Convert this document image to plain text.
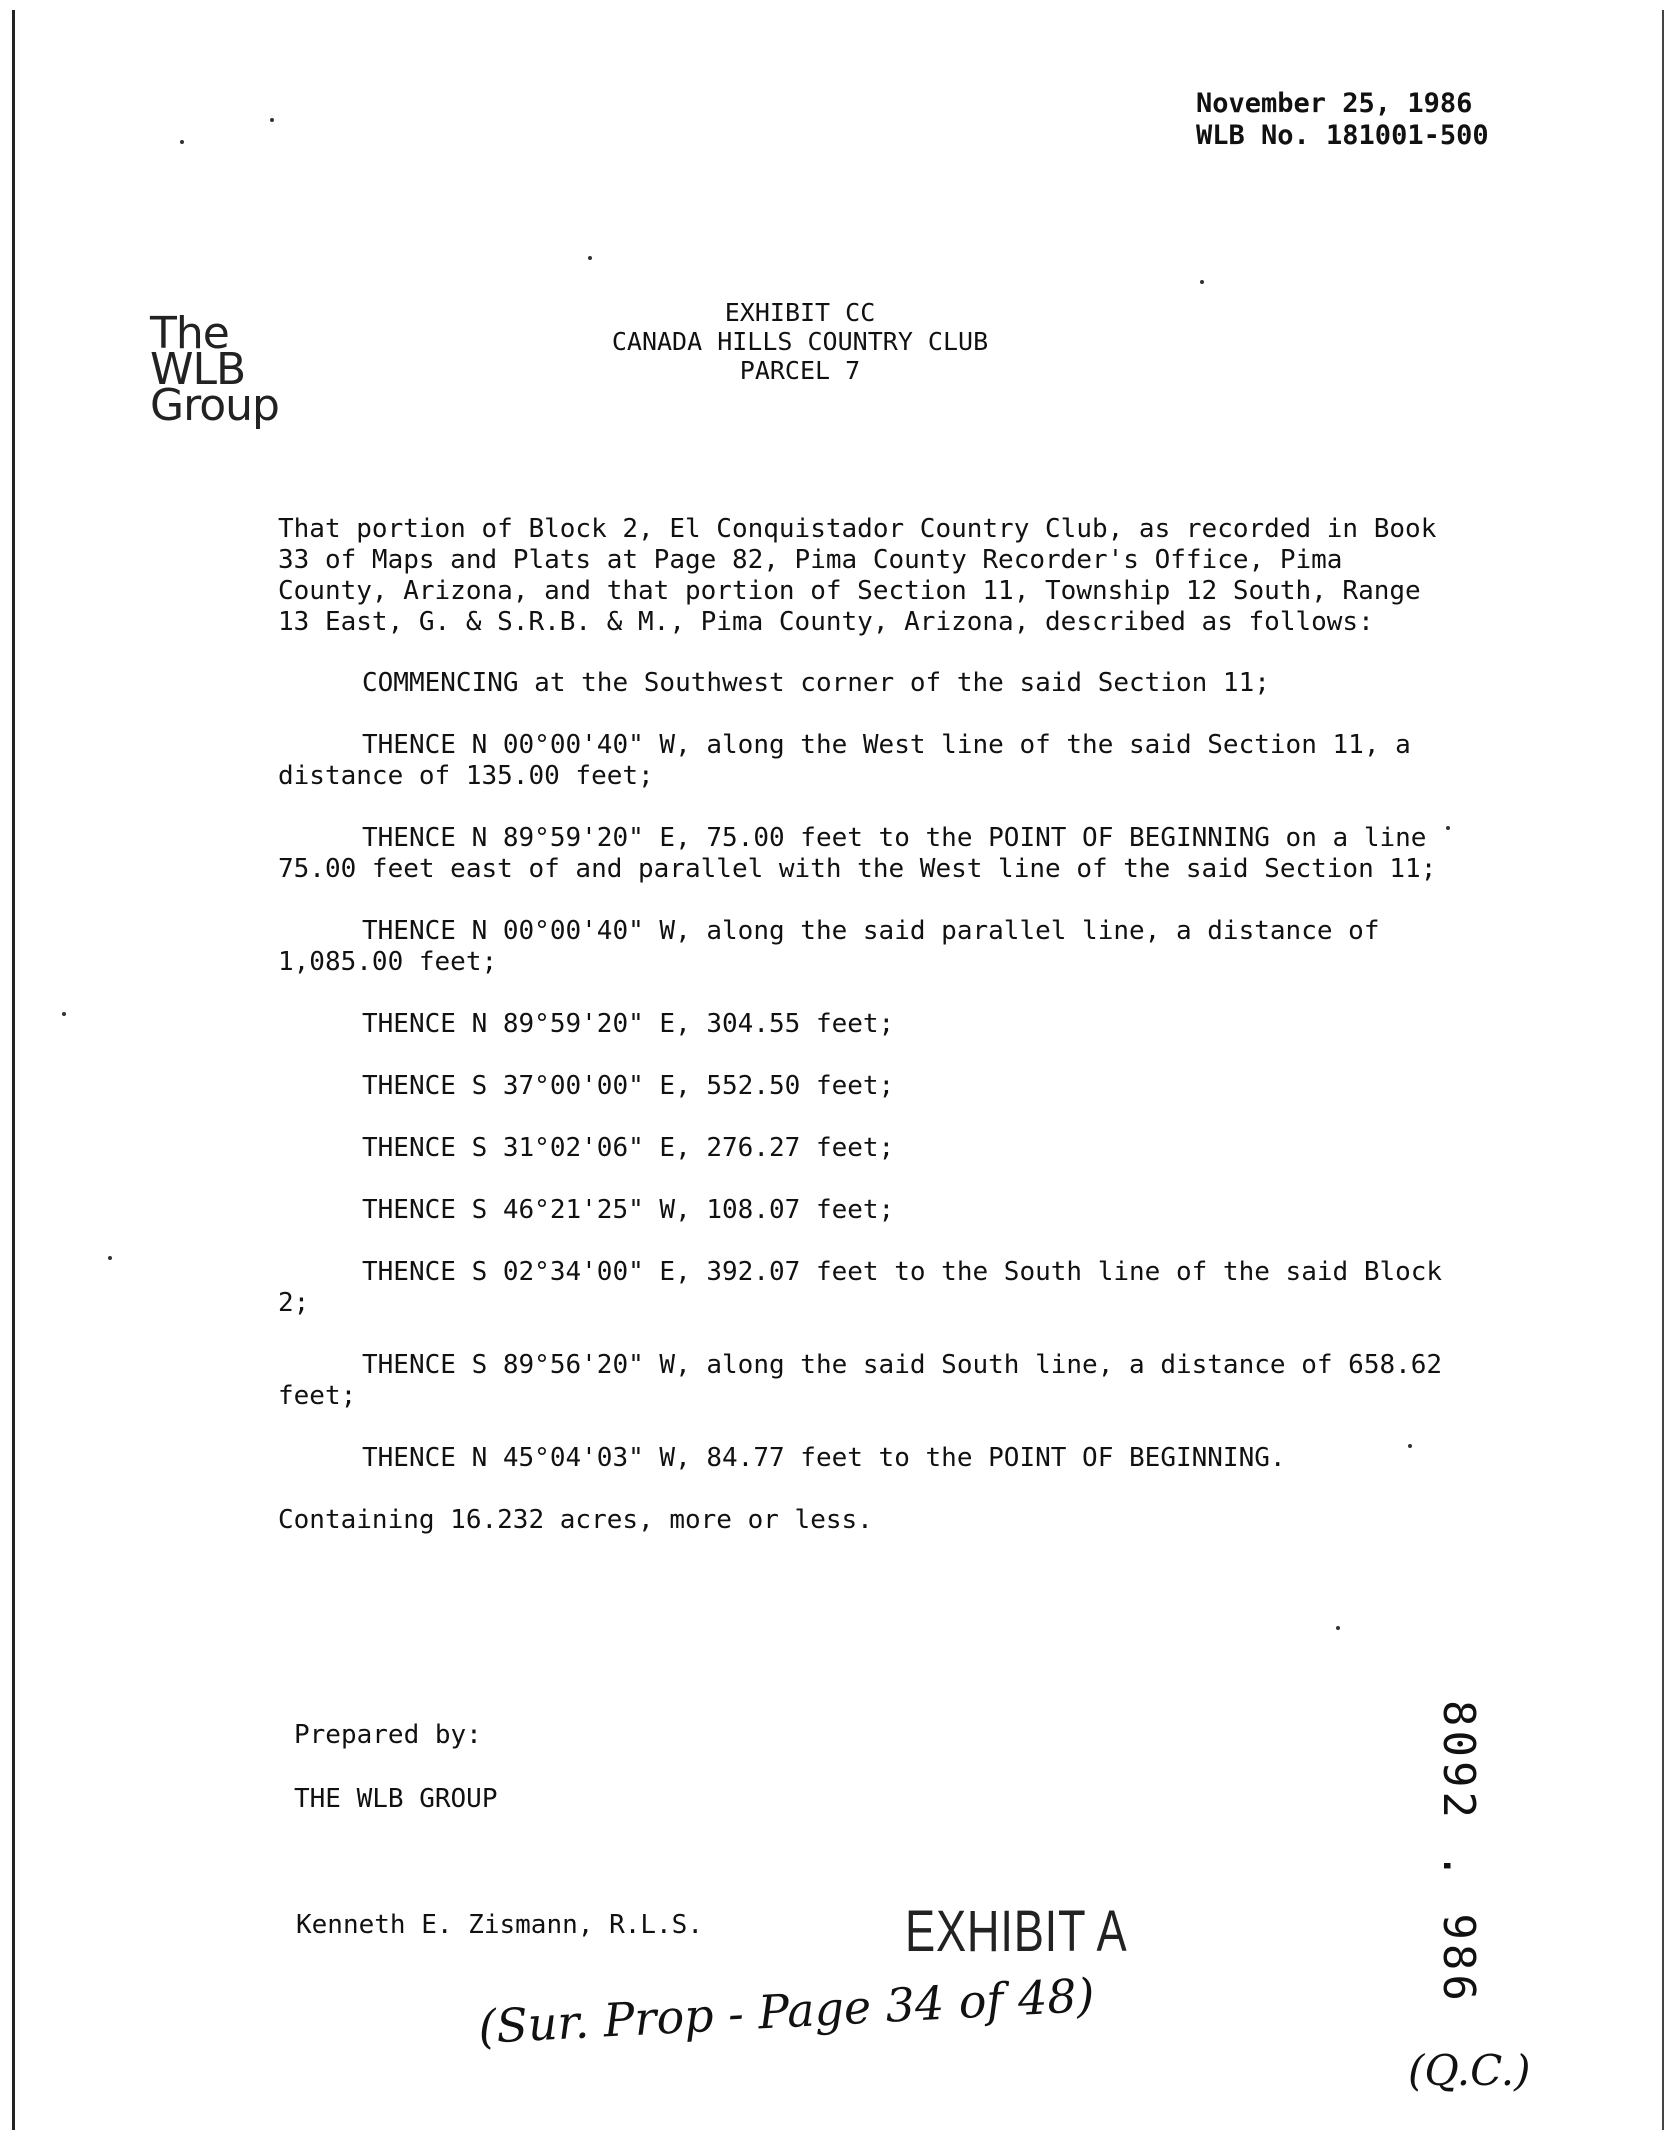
November 25, 1986
WLB No. 181001-500
The
WLB
Group
EXHIBIT CC
CANADA HILLS COUNTRY CLUB
PARCEL 7

That portion of Block 2, El Conquistador Country Club, as recorded in Book 33 of Maps and Plats at Page 82, Pima County Recorder's Office, Pima County, Arizona, and that portion of Section 11, Township 12 South, Range 13 East, G. & S.R.B. & M., Pima County, Arizona, described as follows:

COMMENCING at the Southwest corner of the said Section 11;

THENCE N 00°00'40" W, along the West line of the said Section 11, a distance of 135.00 feet;

THENCE N 89°59'20" E, 75.00 feet to the POINT OF BEGINNING on a line 75.00 feet east of and parallel with the West line of the said Section 11;

THENCE N 00°00'40" W, along the said parallel line, a distance of 1,085.00 feet;

THENCE N 89°59'20" E, 304.55 feet;

THENCE S 37°00'00" E, 552.50 feet;

THENCE S 31°02'06" E, 276.27 feet;

THENCE S 46°21'25" W, 108.07 feet;

THENCE S 02°34'00" E, 392.07 feet to the South line of the said Block 2;

THENCE S 89°56'20" W, along the said South line, a distance of 658.62 feet;

THENCE N 45°04'03" W, 84.77 feet to the POINT OF BEGINNING.

Containing 16.232 acres, more or less.

Prepared by:
THE WLB GROUP
Kenneth E. Zismann, R.L.S.	EXHIBIT A
(Sur. Prop - Page 34 of 48)
(Q.C.)
8092 . 986
